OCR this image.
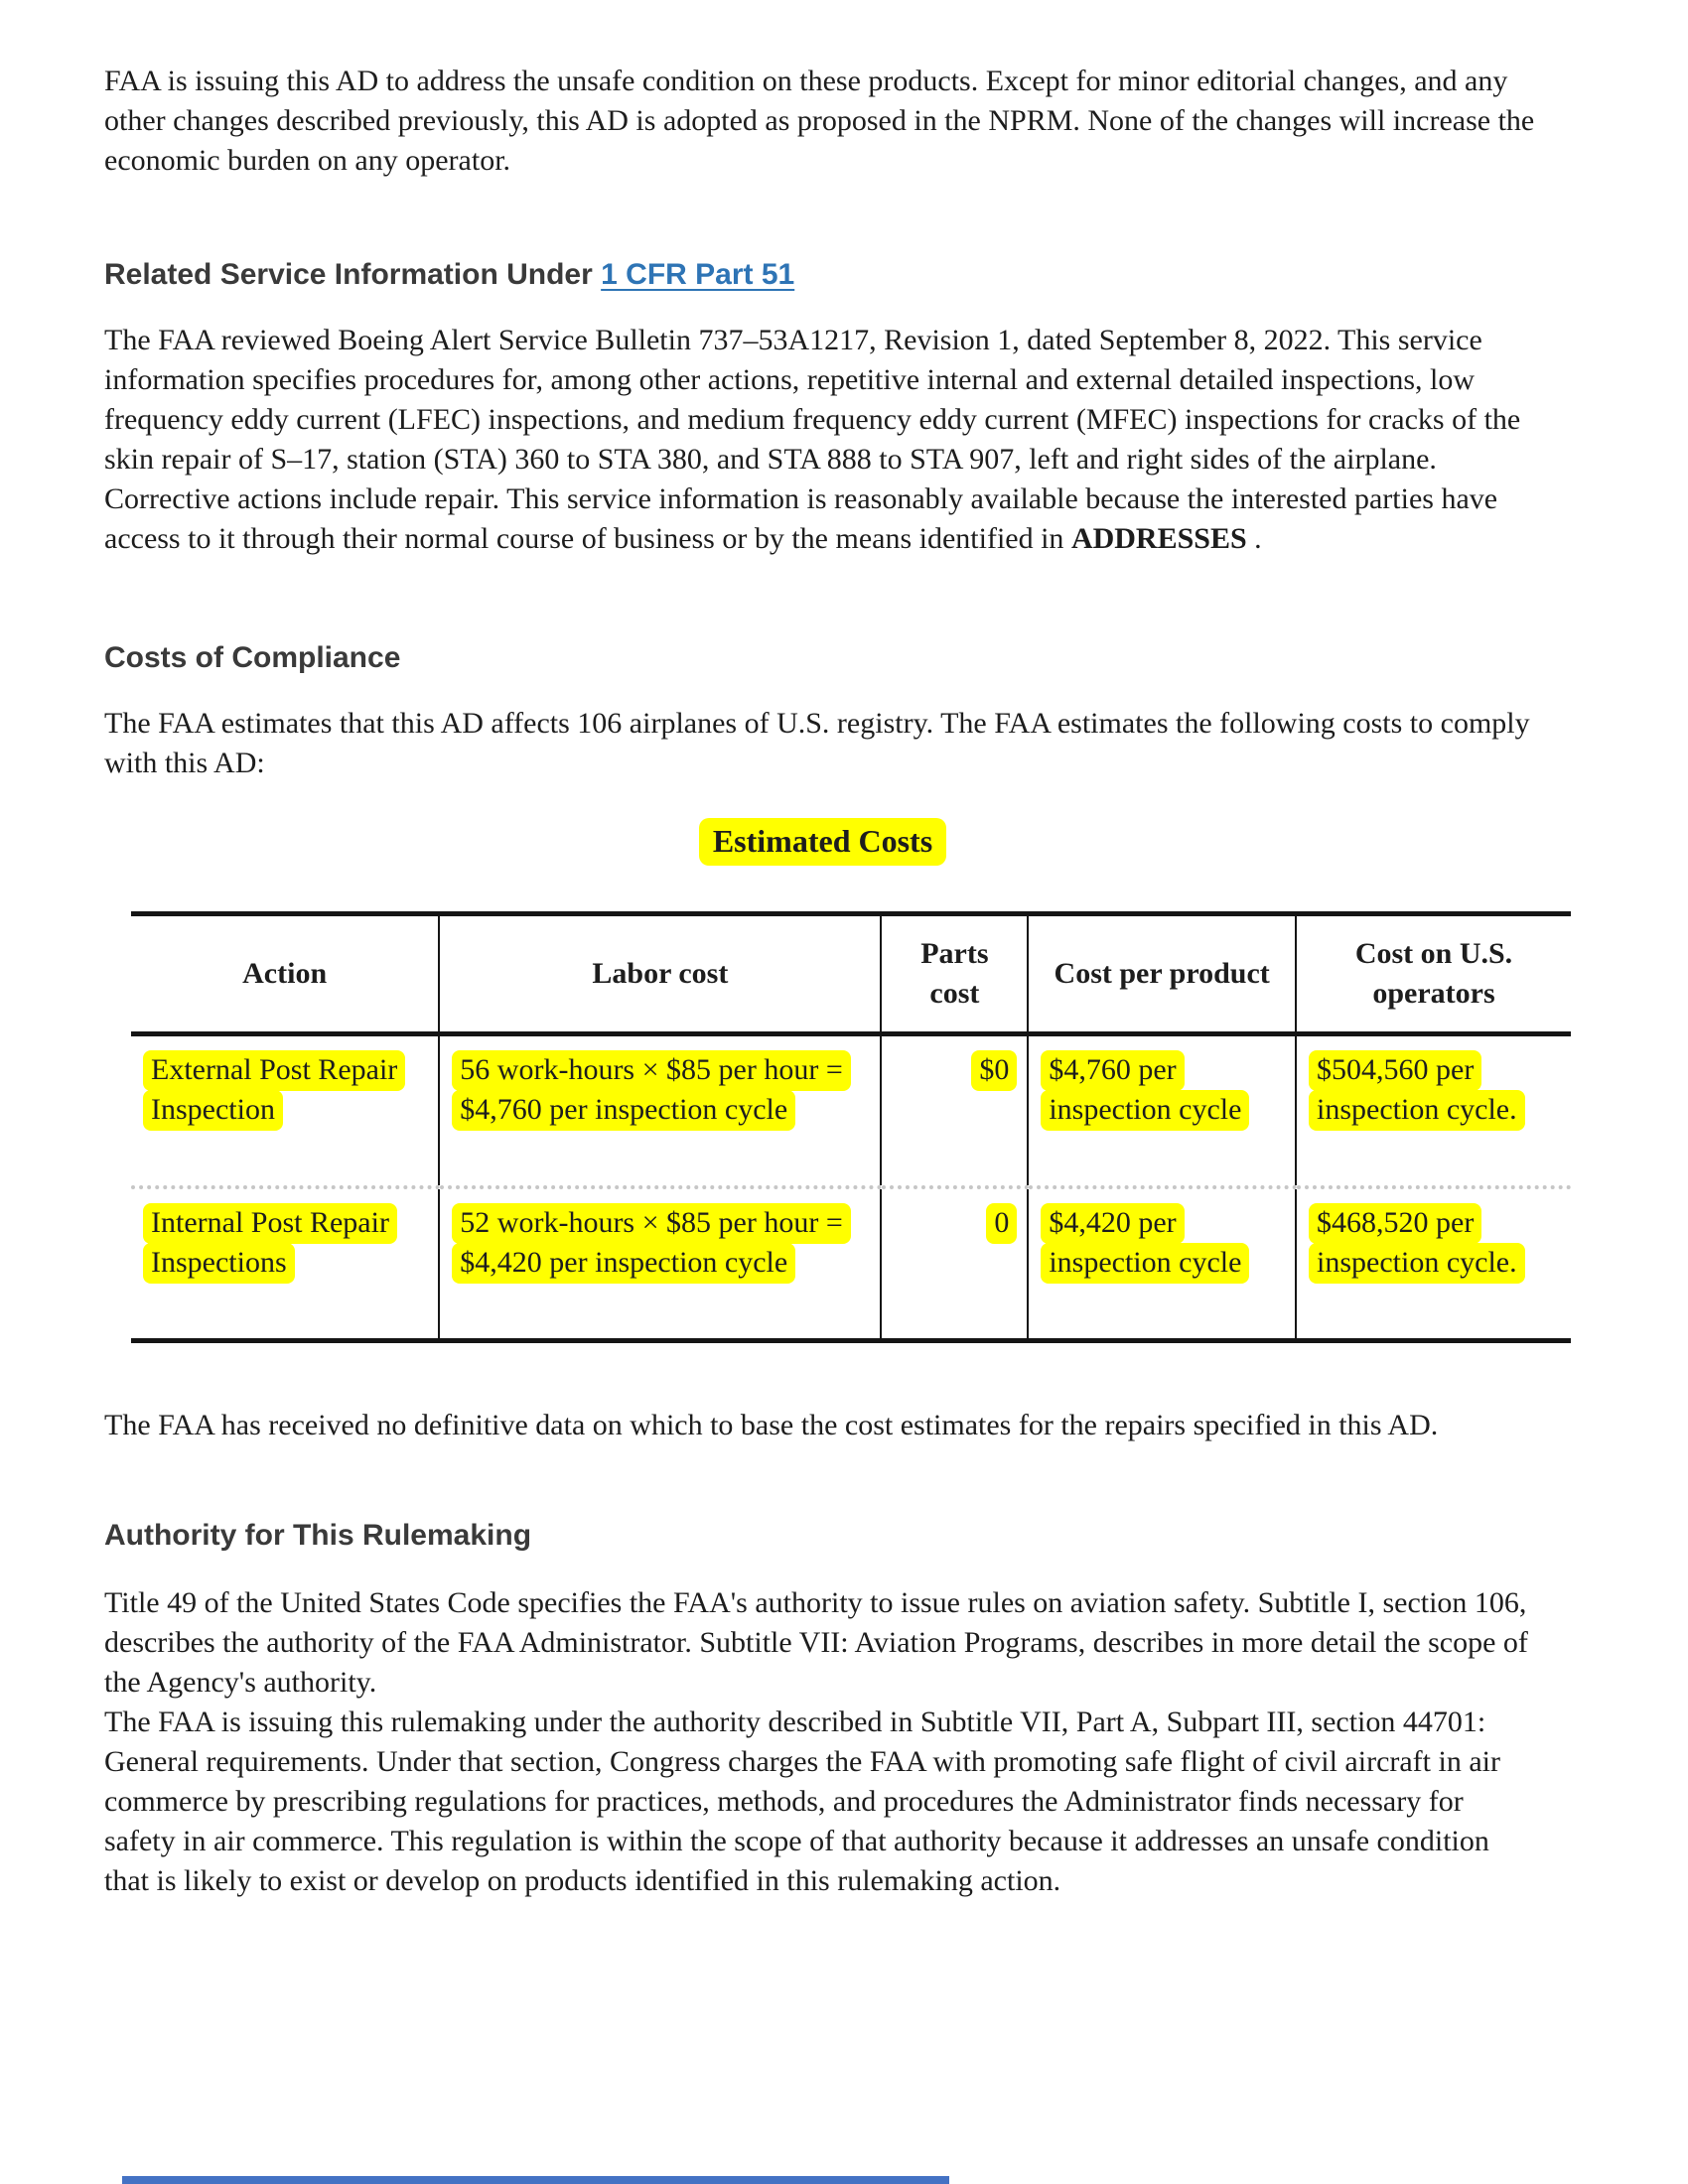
FAA is issuing this AD to address the unsafe condition on these products. Except for minor editorial changes, and any other changes described previously, this AD is adopted as proposed in the NPRM. None of the changes will increase the economic burden on any operator.

Related Service Information Under 1 CFR Part 51

The FAA reviewed Boeing Alert Service Bulletin 737–53A1217, Revision 1, dated September 8, 2022. This service information specifies procedures for, among other actions, repetitive internal and external detailed inspections, low frequency eddy current (LFEC) inspections, and medium frequency eddy current (MFEC) inspections for cracks of the skin repair of S–17, station (STA) 360 to STA 380, and STA 888 to STA 907, left and right sides of the airplane. Corrective actions include repair. This service information is reasonably available because the interested parties have access to it through their normal course of business or by the means identified in ADDRESSES .

Costs of Compliance

The FAA estimates that this AD affects 106 airplanes of U.S. registry. The FAA estimates the following costs to comply with this AD:

Estimated Costs
Action	Labor cost	Parts cost	Cost per product	Cost on U.S. operators
External Post Repair Inspection	56 work-hours × $85 per hour = $4,760 per inspection cycle	$0	$4,760 per inspection cycle	$504,560 per inspection cycle.
Internal Post Repair Inspections	52 work-hours × $85 per hour = $4,420 per inspection cycle	0	$4,420 per inspection cycle	$468,520 per inspection cycle.

The FAA has received no definitive data on which to base the cost estimates for the repairs specified in this AD.

Authority for This Rulemaking

Title 49 of the United States Code specifies the FAA's authority to issue rules on aviation safety. Subtitle I, section 106, describes the authority of the FAA Administrator. Subtitle VII: Aviation Programs, describes in more detail the scope of the Agency's authority.

The FAA is issuing this rulemaking under the authority described in Subtitle VII, Part A, Subpart III, section 44701: General requirements. Under that section, Congress charges the FAA with promoting safe flight of civil aircraft in air commerce by prescribing regulations for practices, methods, and procedures the Administrator finds necessary for safety in air commerce. This regulation is within the scope of that authority because it addresses an unsafe condition that is likely to exist or develop on products identified in this rulemaking action.
